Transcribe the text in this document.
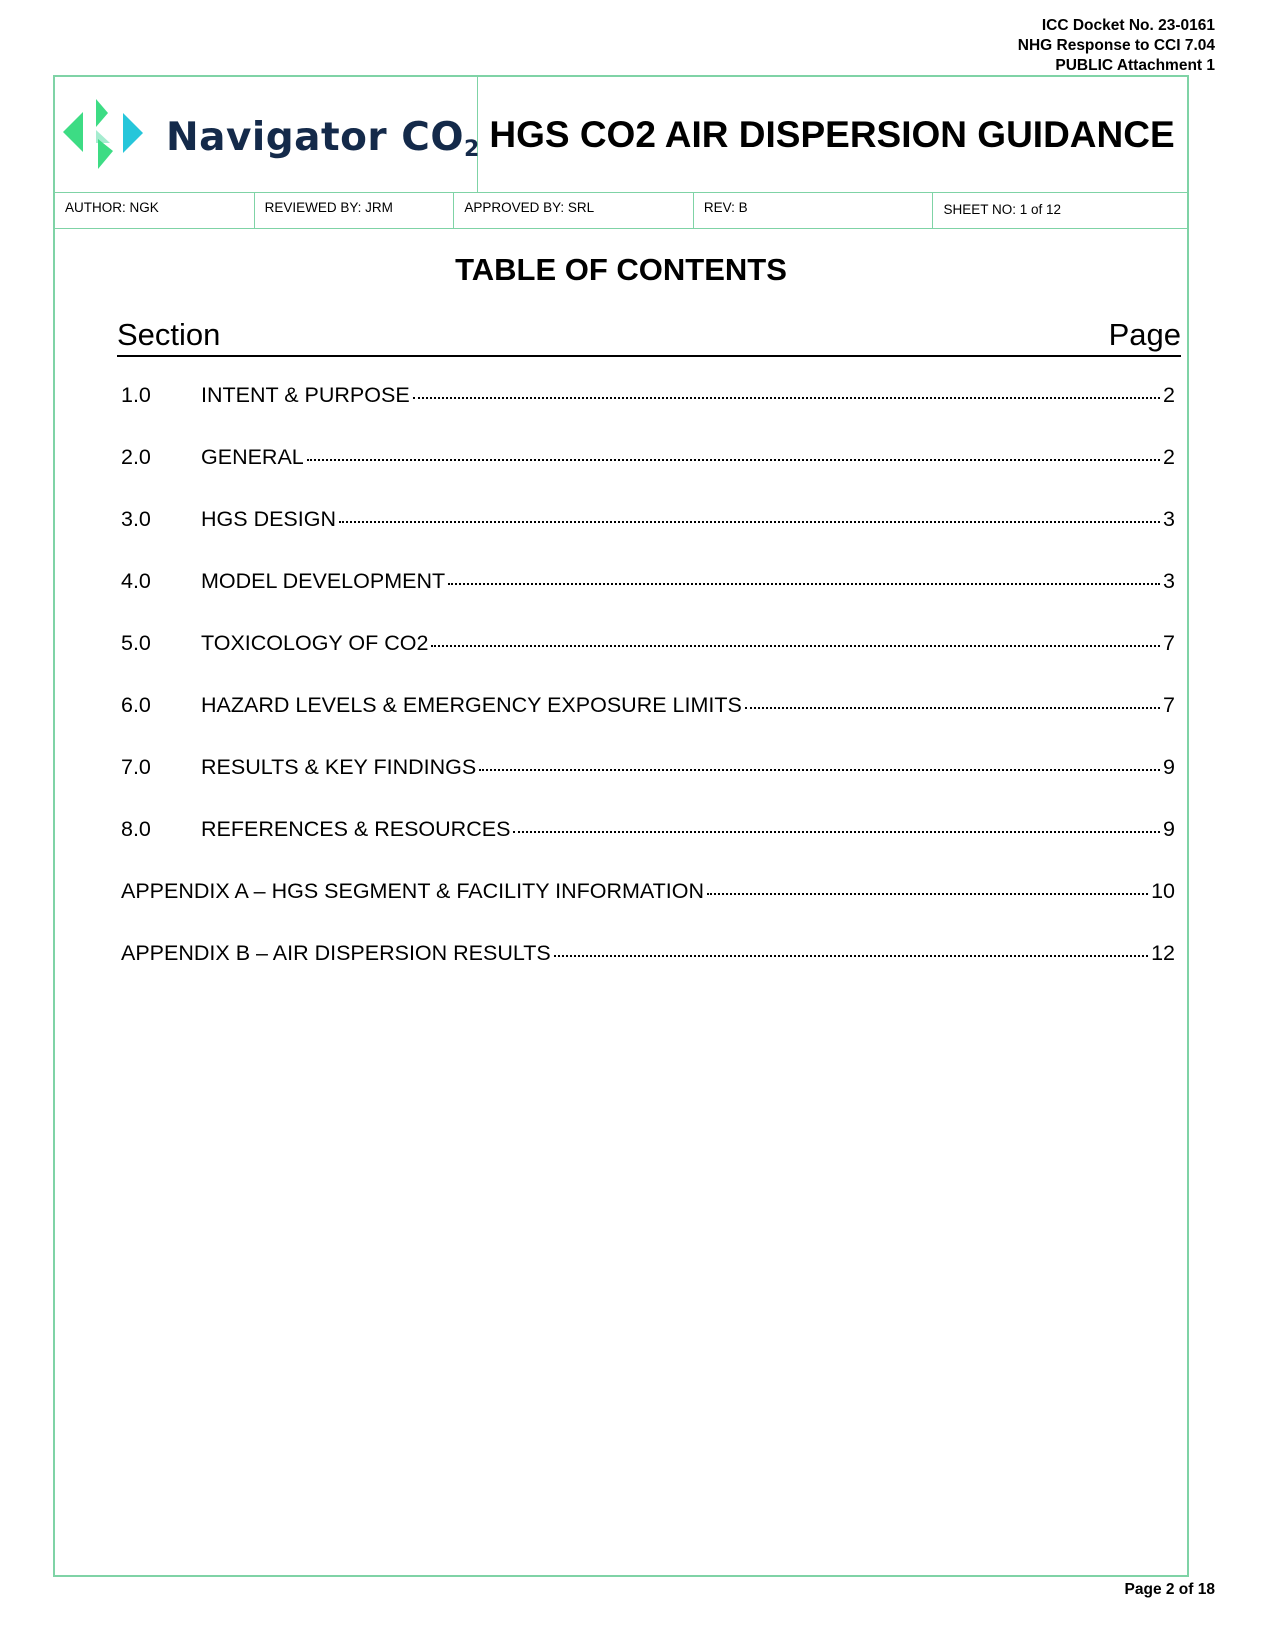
ICC Docket No. 23-0161
NHG Response to CCI 7.04
PUBLIC Attachment 1
Navigator $CO_2$ HGS CO2 AIR DISPERSION GUIDANCE
AUTHOR: NGK	REVIEWED BY: JRM	APPROVED BY: SRL	REV: B	SHEET NO: 1 of 12
TABLE OF CONTENTS
Section	Page
1.0	INTENT & PURPOSE	2
2.0	GENERAL	2
3.0	HGS DESIGN	3
4.0	MODEL DEVELOPMENT	3
5.0	TOXICOLOGY OF CO2	7
6.0	HAZARD LEVELS & EMERGENCY EXPOSURE LIMITS	7
7.0	RESULTS & KEY FINDINGS	9
8.0	REFERENCES & RESOURCES	9
APPENDIX A – HGS SEGMENT & FACILITY INFORMATION	10
APPENDIX B – AIR DISPERSION RESULTS	12
Page 2 of 18
